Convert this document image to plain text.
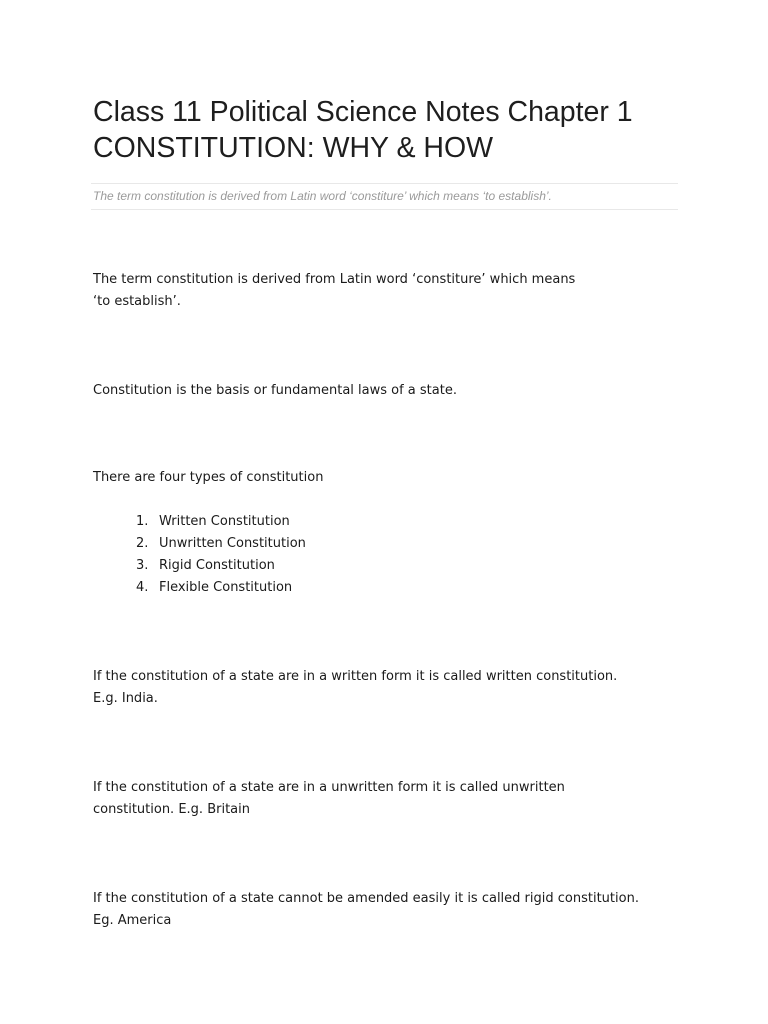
Class 11 Political Science Notes Chapter 1
CONSTITUTION: WHY & HOW

The term constitution is derived from Latin word ‘constiture’ which means ‘to establish’.

The term constitution is derived from Latin word ‘constiture’ which means
‘to establish’.

Constitution is the basis or fundamental laws of a state.

There are four types of constitution

1. Written Constitution
2. Unwritten Constitution
3. Rigid Constitution
4. Flexible Constitution

If the constitution of a state are in a written form it is called written constitution.
E.g. India.

If the constitution of a state are in a unwritten form it is called unwritten
constitution. E.g. Britain

If the constitution of a state cannot be amended easily it is called rigid constitution.
Eg. America
